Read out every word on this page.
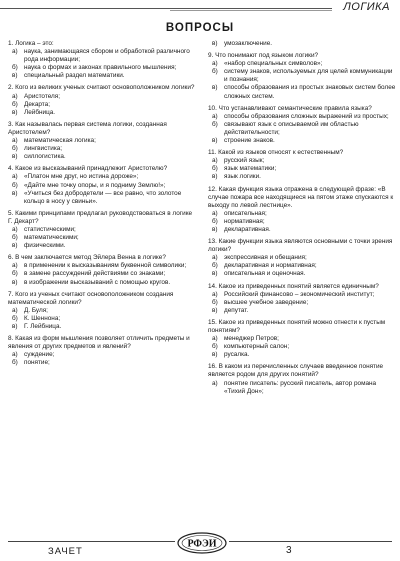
ЛОГИКА
ВОПРОСЫ
1. Логика – это:
а) наука, занимающаяся сбором и обработкой различного рода информации;
б) наука о формах и законах правильного мышления;
в)	специальный раздел математики.
2. Кого из великих ученых считают основоположником логики?
а) Аристотеля;
б) Декарта;
в)	Лейбница.
3. Как называлась первая система логики, созданная Аристотелем?
а) математическая логика;
б) лингвистика;
в)	силлогистика.
4. Какое из высказываний принадлежит Аристотелю?
а) «Платон мне друг, но истина дороже»;
б) «Дайте мне точку опоры, и я подниму Землю!»;
в)	«Учиться без добродетели — все равно, что золотое кольцо в носу у свиньи».
5. Какими принципами предлагал руководствоваться в логике Г. Декарт?
а) статистическими;
б) математическими;
в)	физическими.
6. В чем заключается метод Эйлера Венна в логике?
а) в применении к высказываниям буквенной символики;
б) в замене рассуждений действиями со знаками;
в)	в изображении высказываний с помощью кругов.
7. Кого из ученых считают основоположником создания математической логики?
а) Д. Буля;
б) К. Шеннона;
в)	Г. Лейбница.
8. Какая из форм мышления позволяет отличить предметы и явления от других предметов и явлений?
а) суждение;
б) понятие;
в)	умозаключение.
9. Что понимают под языком логики?
а) «набор специальных символов»;
б) систему знаков, используемых для целей коммуникации и познания;
в)	способы образования из простых знаковых систем более сложных систем.
10. Что устанавливают семантические правила языка?
а) способы образования сложных выражений из простых;
б) связывают язык с описываемой им областью действительности;
в)	строение знаков.
11. Какой из языков относят к естественным?
а) русский язык;
б) язык математики;
в)	язык логики.
12. Какая функция языка отражена в следующей фразе: «В случае пожара все находящиеся на пятом этаже спускаются к выходу по левой лестнице».
а) описательная;
б) нормативная;
в)	декларативная.
13. Какие функции языка являются основными с точки зрения логики?
а) экспрессивная и обещания;
б) декларативная и нормативная;
в)	описательная и оценочная.
14. Какое из приведенных понятий является единичным?
а) Российский финансово – экономический институт;
б) высшее учебное заведение;
в)	депутат.
15. Какое из приведенных понятий можно отнести к пустым понятиям?
а) менеджер Петров;
б) компьютерный салон;
в)	русалка.
16. В каком из перечисленных случаев введенное понятие является родом для других понятий?
а) понятие писатель: русский писатель, автор романа «Тихий Дон»;
ЗАЧЕТ
РФЭИ
3
